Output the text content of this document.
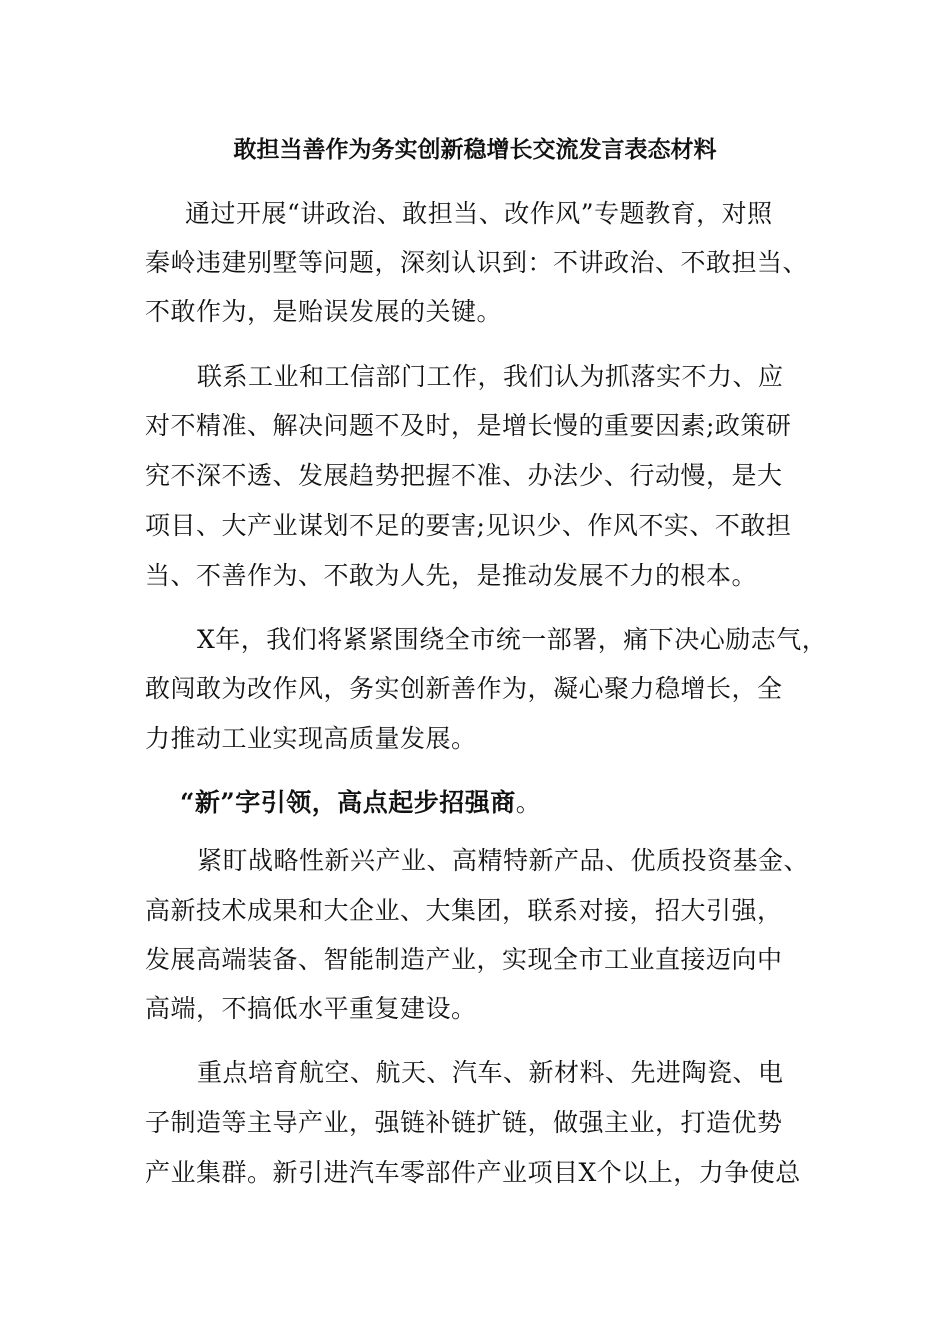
敢担当善作为务实创新稳增长交流发言表态材料
通过开展“讲政治、敢担当、改作风”专题教育，对照
秦岭违建别墅等问题，深刻认识到：不讲政治、不敢担当、
不敢作为，是贻误发展的关键。
联系工业和工信部门工作，我们认为抓落实不力、应
对不精准、解决问题不及时，是增长慢的重要因素;政策研
究不深不透、发展趋势把握不准、办法少、行动慢，是大
项目、大产业谋划不足的要害;见识少、作风不实、不敢担
当、不善作为、不敢为人先，是推动发展不力的根本。
X年，我们将紧紧围绕全市统一部署，痛下决心励志气，
敢闯敢为改作风，务实创新善作为，凝心聚力稳增长，全
力推动工业实现高质量发展。
“新”字引领，高点起步招强商。
紧盯战略性新兴产业、高精特新产品、优质投资基金、
高新技术成果和大企业、大集团，联系对接，招大引强，
发展高端装备、智能制造产业，实现全市工业直接迈向中
高端，不搞低水平重复建设。
重点培育航空、航天、汽车、新材料、先进陶瓷、电
子制造等主导产业，强链补链扩链，做强主业，打造优势
产业集群。新引进汽车零部件产业项目X个以上，力争使总
